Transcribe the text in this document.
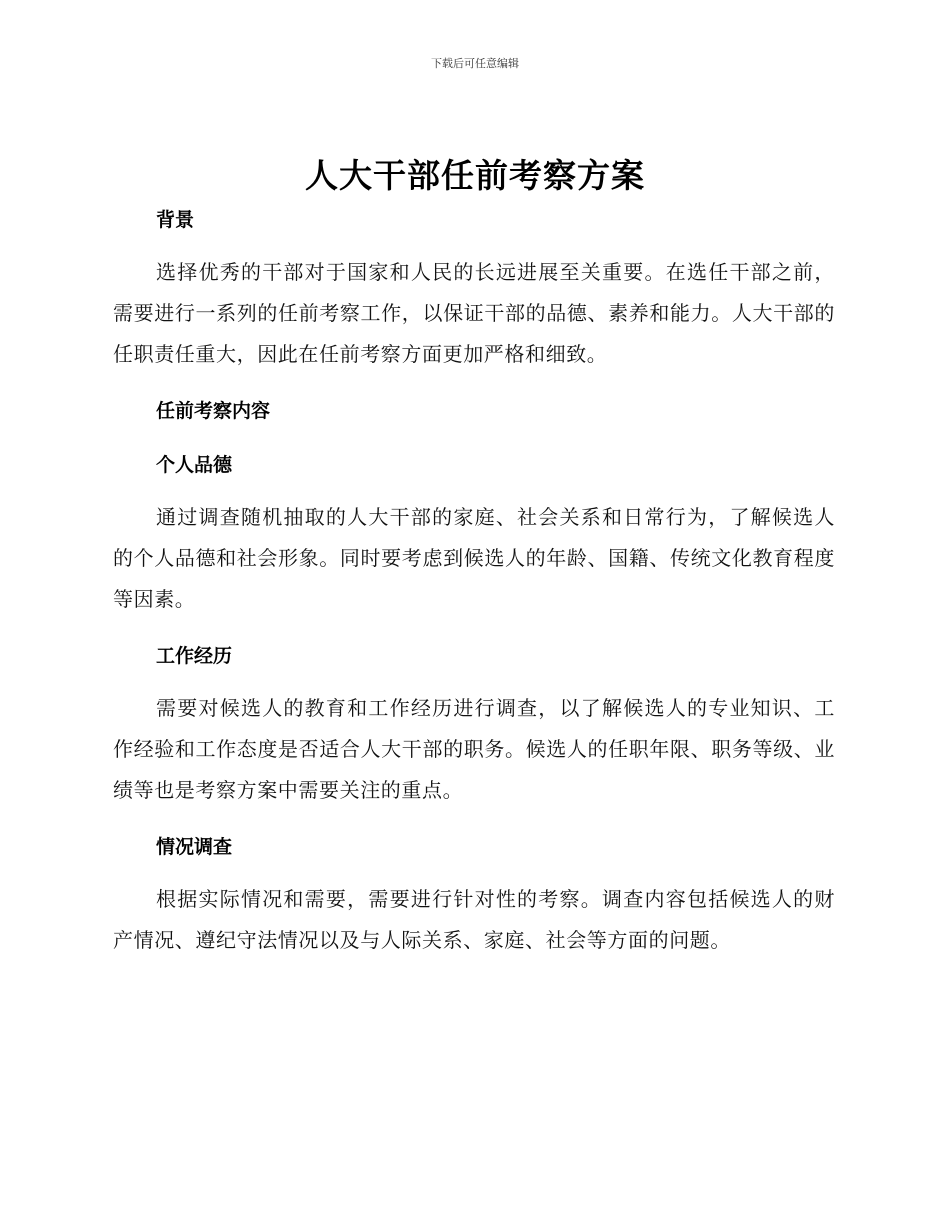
下载后可任意编辑
人大干部任前考察方案
背景

选择优秀的干部对于国家和人民的长远进展至关重要。在选任干部之前，需要进行一系列的任前考察工作，以保证干部的品德、素养和能力。人大干部的任职责任重大，因此在任前考察方面更加严格和细致。

任前考察内容
个人品德

通过调查随机抽取的人大干部的家庭、社会关系和日常行为，了解候选人的个人品德和社会形象。同时要考虑到候选人的年龄、国籍、传统文化教育程度等因素。

工作经历

需要对候选人的教育和工作经历进行调查，以了解候选人的专业知识、工作经验和工作态度是否适合人大干部的职务。候选人的任职年限、职务等级、业绩等也是考察方案中需要关注的重点。

情况调查

根据实际情况和需要，需要进行针对性的考察。调查内容包括候选人的财产情况、遵纪守法情况以及与人际关系、家庭、社会等方面的问题。
